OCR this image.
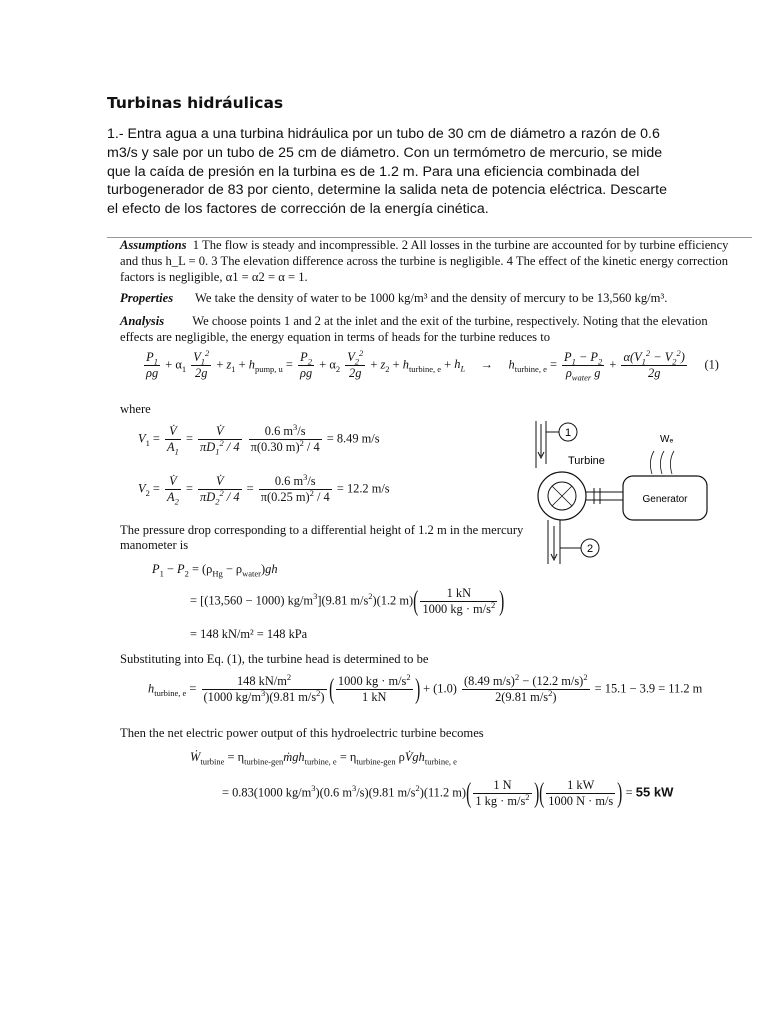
Turbinas hidráulicas
1.- Entra agua a una turbina hidráulica por un tubo de 30 cm de diámetro a razón de 0.6 m3/s y sale por un tubo de 25 cm de diámetro. Con un termómetro de mercurio, se mide que la caída de presión en la turbina es de 1.2 m. Para una eficiencia combinada del turbogenerador de 83 por ciento, determine la salida neta de potencia eléctrica. Descarte el efecto de los factores de corrección de la energía cinética.
Assumptions 1 The flow is steady and incompressible. 2 All losses in the turbine are accounted for by turbine efficiency
and thus h_L = 0. 3 The elevation difference across the turbine is negligible. 4 The effect of the kinetic energy correction
factors is negligible, α1 = α2 = α = 1.
Properties We take the density of water to be 1000 kg/m³ and the density of mercury to be 13,560 kg/m³.
Analysis We choose points 1 and 2 at the inlet and the exit of the turbine, respectively. Noting that the elevation
effects are negligible, the energy equation in terms of heads for the turbine reduces to
$\frac{P_1}{\rho g} + \alpha_1 \frac{V_1^2}{2g} + z_1 + h_{pump, u} = \frac{P_2}{\rho g} + \alpha_2 \frac{V_2^2}{2g} + z_2 + h_{turbine, e} + h_L$     →     $h_{turbine, e} = \frac{P_1 - P_2}{\rho_{water} g} + \frac{\alpha(V_1^2 - V_2^2)}{2g} (1)$
where
$V_1 = \frac{V̇}{A_1} = \frac{V̇}{\pi D_1^2 / 4}$
$\frac{0.6 m^3/s}{\pi(0.30 m)^2 / 4} = 8.49$ m/s
$V_2 = \frac{V̇}{A_2} = \frac{V̇}{\pi D_2^2 / 4} = \frac{0.6 m^3/s}{\pi(0.25 m)^2 / 4} = 12.2$ m/s
The pressure drop corresponding to a differential height of 1.2 m in the mercury
manometer is
$P_1 - P_2 = (\rho_{Hg} - \rho_{water})gh$
= [(13,560 − 1000) $kg/m^3](9.81$ $m/s^2)(1.2$ $m)( \frac{1 kN}{1000 kg \cdot m/s^2}$ )
= 148 kN/m² = 148 kPa
Substituting into Eq. (1), the turbine head is determined to be
$h_{turbine, e} = \frac{148 kN/m^2}{(1000 kg/m^3)(9.81 m/s^2)}$ ( $\frac{1000 kg \cdot m/s^2}{1 kN}$ ) + $(1.0) \frac{(8.49 m/s)^2 - (12.2 m/s)^2}{2(9.81 m/s^2)} = 15.1 - 3.9 = 11.2$ m
Then the net electric power output of this hydroelectric turbine becomes
Ẇ$_{turbine}$ = $\eta_{turbine-gen}ṁgh_{turbine, e} = \eta_{turbine-gen}$ $\rho V̇gh_{turbine, e}$
= 0.83(1000 $kg/m^3)(0.6$ $m^3/s)(9.81$ $m/s^2)(11.2$ $m)( \frac{1 N}{1 kg \cdot m/s^2}$ )( $\frac{1 kW}{1000 N \cdot m/s}$ ) = 55 kW
1
Turbine
Generator
Wₑ
2
